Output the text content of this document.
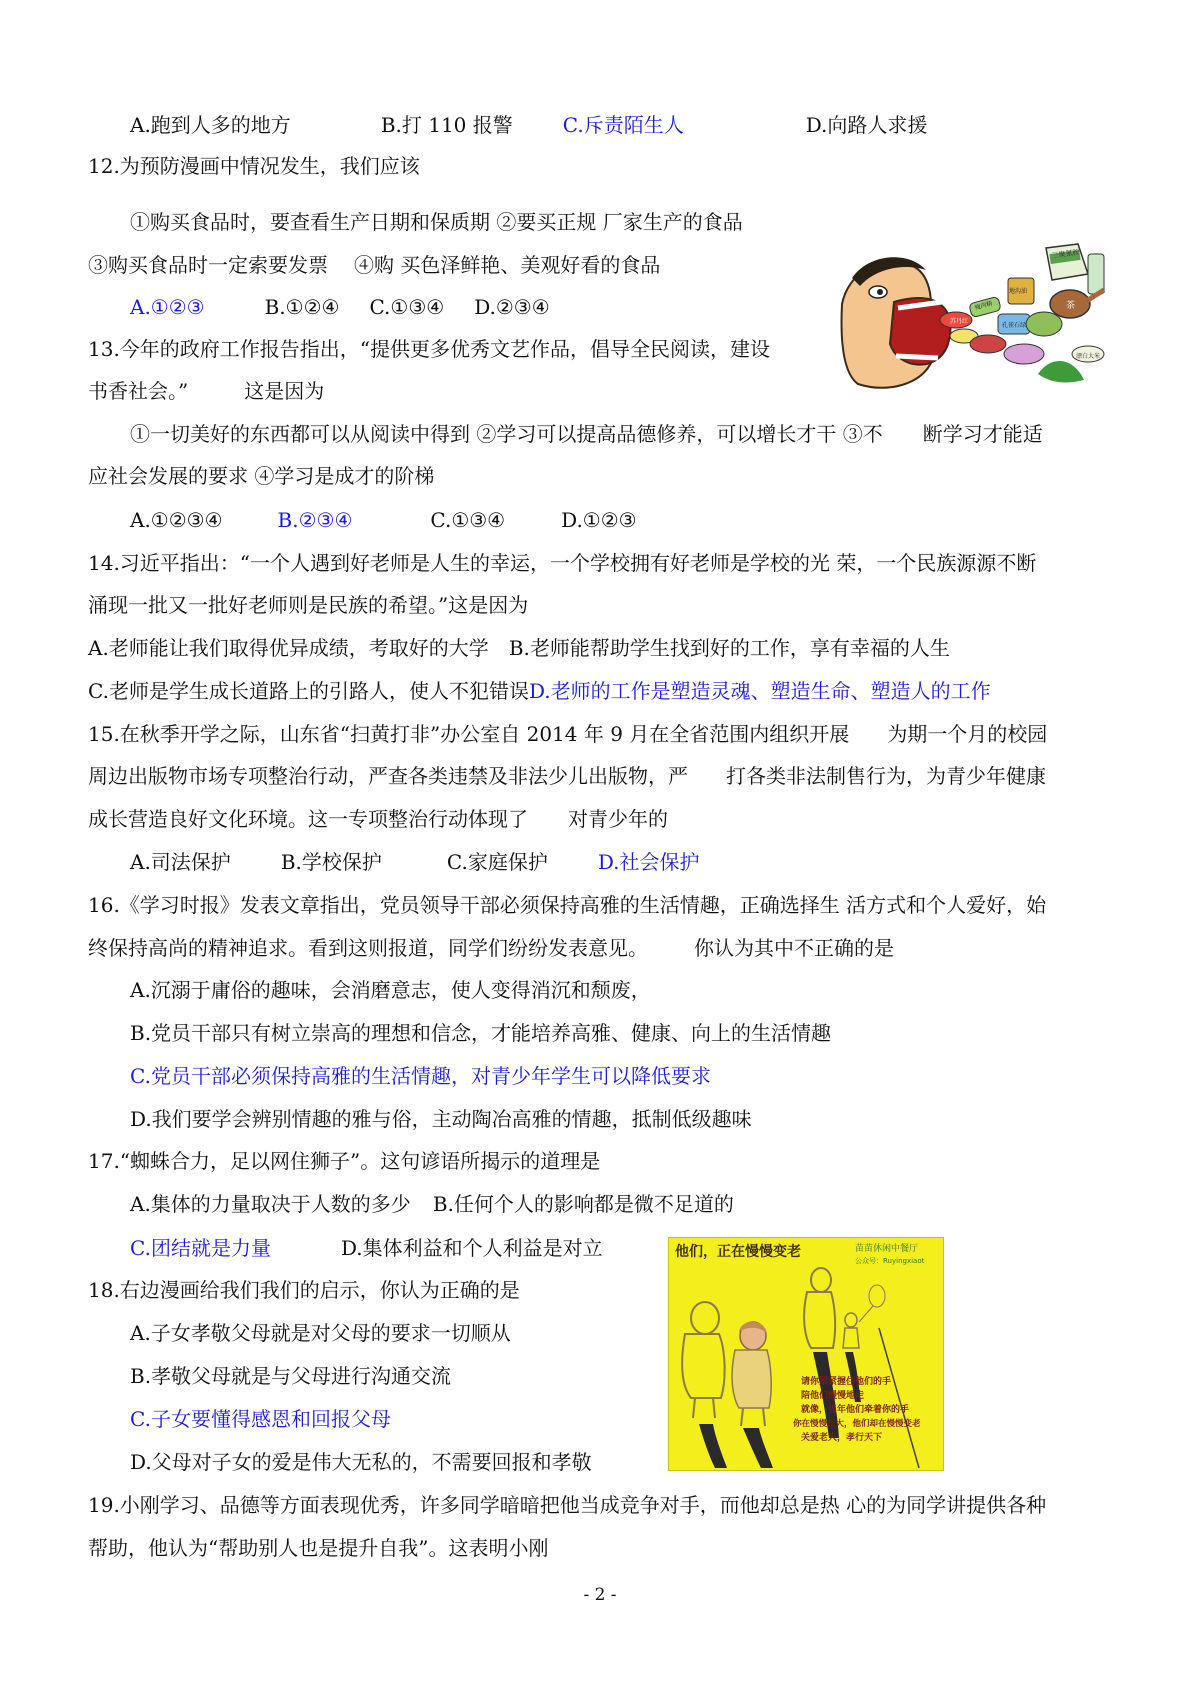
A.跑到人多的地方	B.打 110 报警	C.斥责陌生人	D.向路人求援
12.为预防漫画中情况发生，我们应该
①购买食品时，要查看生产日期和保质期 ②要买正规 厂家生产的食品
③购买食品时一定索要发票 ④购 买色泽鲜艳、美观好看的食品
A.①②③	B.①②④ C.①③④ D.②③④
三聚氰胺
苏丹红
瘦肉精
地沟油
孔雀石绿
茶
漂白大米
13.今年的政府工作报告指出，“提供更多优秀文艺作品，倡导全民阅读，建设
书香社会。”	这是因为
①一切美好的东西都可以从阅读中得到 ②学习可以提高品德修养，可以增长才干 ③不 断学习才能适
应社会发展的要求 ④学习是成才的阶梯
A.①②③④	B.②③④	C.①③④	D.①②③
14.习近平指出：“一个人遇到好老师是人生的幸运，一个学校拥有好老师是学校的光 荣，一个民族源源不断
涌现一批又一批好老师则是民族的希望。”这是因为
A.老师能让我们取得优异成绩，考取好的大学 B.老师能帮助学生找到好的工作，享有幸福的人生
C.老师是学生成长道路上的引路人，使人不犯错误D.老师的工作是塑造灵魂、塑造生命、塑造人的工作
15.在秋季开学之际，山东省“扫黄打非”办公室自 2014 年 9 月在全省范围内组织开展 为期一个月的校园
周边出版物市场专项整治行动，严查各类违禁及非法少儿出版物，严 打各类非法制售行为，为青少年健康
成长营造良好文化环境。这一专项整治行动体现了 对青少年的
A.司法保护	B.学校保护	C.家庭保护	D.社会保护
16.《学习时报》发表文章指出，党员领导干部必须保持高雅的生活情趣，正确选择生 活方式和个人爱好，始
终保持高尚的精神追求。看到这则报道，同学们纷纷发表意见。 你认为其中不正确的是
A.沉溺于庸俗的趣味，会消磨意志，使人变得消沉和颓废，
B.党员干部只有树立崇高的理想和信念，才能培养高雅、健康、向上的生活情趣
C.党员干部必须保持高雅的生活情趣，对青少年学生可以降低要求
D.我们要学会辨别情趣的雅与俗，主动陶冶高雅的情趣，抵制低级趣味
17.“蜘蛛合力，足以网住狮子”。这句谚语所揭示的道理是
A.集体的力量取决于人数的多少 B.任何个人的影响都是微不足道的
C.团结就是力量	D.集体利益和个人利益是对立
18.右边漫画给我们我们的启示，你认为正确的是
A.子女孝敬父母就是对父母的要求一切顺从
B.孝敬父母就是与父母进行沟通交流
C.子女要懂得感恩和回报父母
D.父母对子女的爱是伟大无私的，不需要回报和孝敬
他们，正在慢慢变老	苗苗休闲中餐厅
公众号：Ruyingxiaot
请你紧紧握住他们的手
陪他们慢慢地走
就像，当年他们牵着你的手
你在慢慢长大，他们却在慢慢变老
关爱老人，孝行天下
19.小刚学习、品德等方面表现优秀，许多同学暗暗把他当成竞争对手，而他却总是热 心的为同学讲提供各种
帮助，他认为“帮助别人也是提升自我”。这表明小刚
- 2 -
